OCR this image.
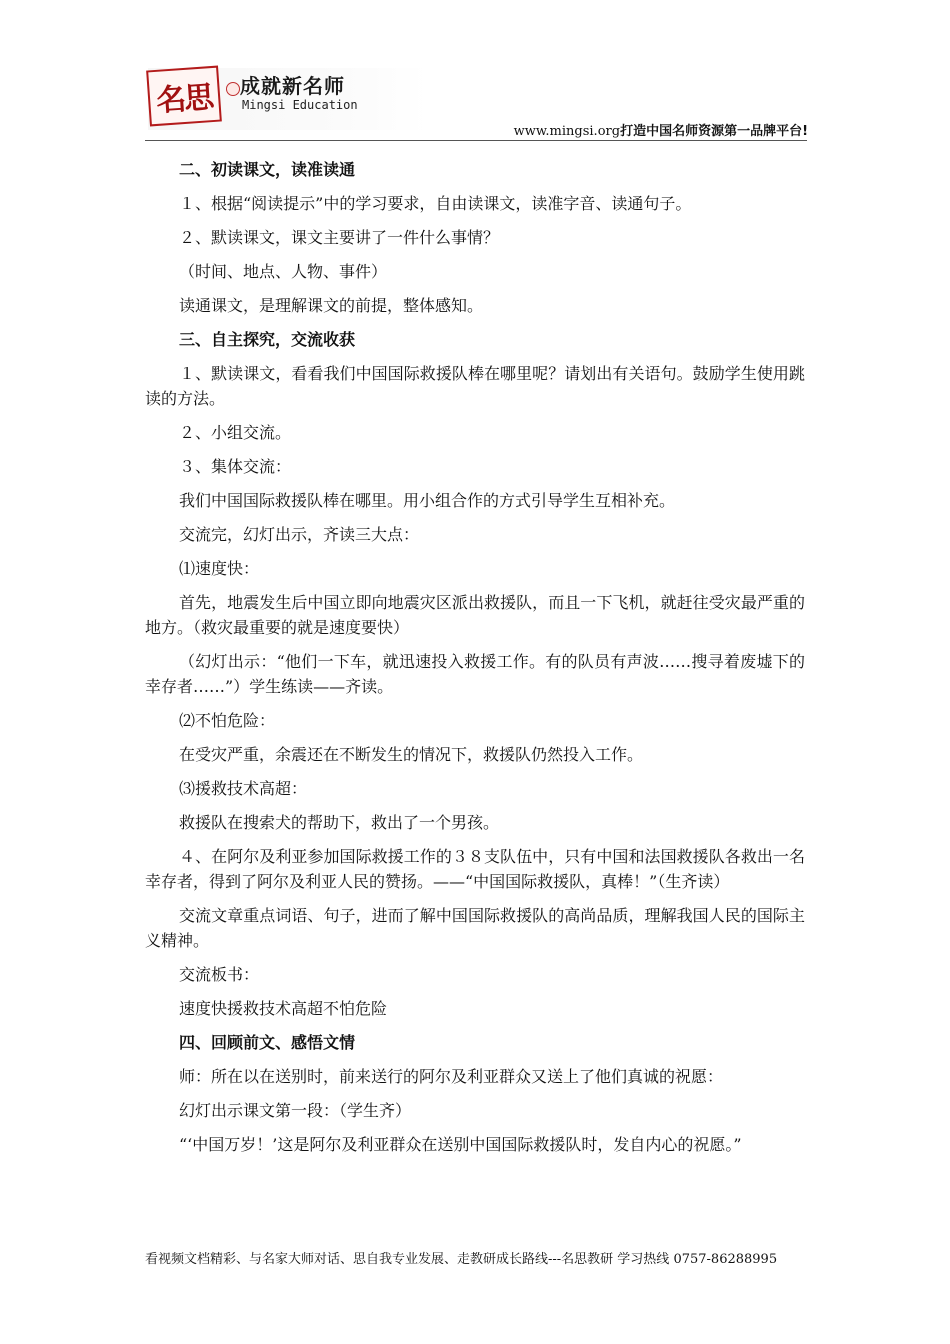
名思	成就新名师
Mingsi Education
www.mingsi.org打造中国名师资源第一品牌平台!

二、初读课文，读准读通

１、根据“阅读提示”中的学习要求，自由读课文，读准字音、读通句子。

２、默读课文，课文主要讲了一件什么事情？

（时间、地点、人物、事件）

读通课文，是理解课文的前提，整体感知。

三、自主探究，交流收获

１、默读课文，看看我们中国国际救援队棒在哪里呢？请划出有关语句。鼓励学生使用跳读的方法。

２、小组交流。

３、集体交流：

我们中国国际救援队棒在哪里。用小组合作的方式引导学生互相补充。

交流完，幻灯出示，齐读三大点：

⑴速度快：

首先，地震发生后中国立即向地震灾区派出救援队，而且一下飞机，就赶往受灾最严重的地方。（救灾最重要的就是速度要快）

（幻灯出示：“他们一下车，就迅速投入救援工作。有的队员有声波……搜寻着废墟下的幸存者……”）学生练读——齐读。

⑵不怕危险：

在受灾严重，余震还在不断发生的情况下，救援队仍然投入工作。

⑶援救技术高超：

救援队在搜索犬的帮助下，救出了一个男孩。

４、在阿尔及利亚参加国际救援工作的３８支队伍中，只有中国和法国救援队各救出一名幸存者，得到了阿尔及利亚人民的赞扬。——“中国国际救援队，真棒！”（生齐读）

交流文章重点词语、句子，进而了解中国国际救援队的高尚品质，理解我国人民的国际主义精神。

交流板书：

速度快援救技术高超不怕危险

四、回顾前文、感悟文情

师：所在以在送别时，前来送行的阿尔及利亚群众又送上了他们真诚的祝愿：

幻灯出示课文第一段：（学生齐）

“‘中国万岁！’这是阿尔及利亚群众在送别中国国际救援队时，发自内心的祝愿。”

看视频文档精彩、与名家大师对话、思自我专业发展、走教研成长路线---名思教研 学习热线 0757-86288995
